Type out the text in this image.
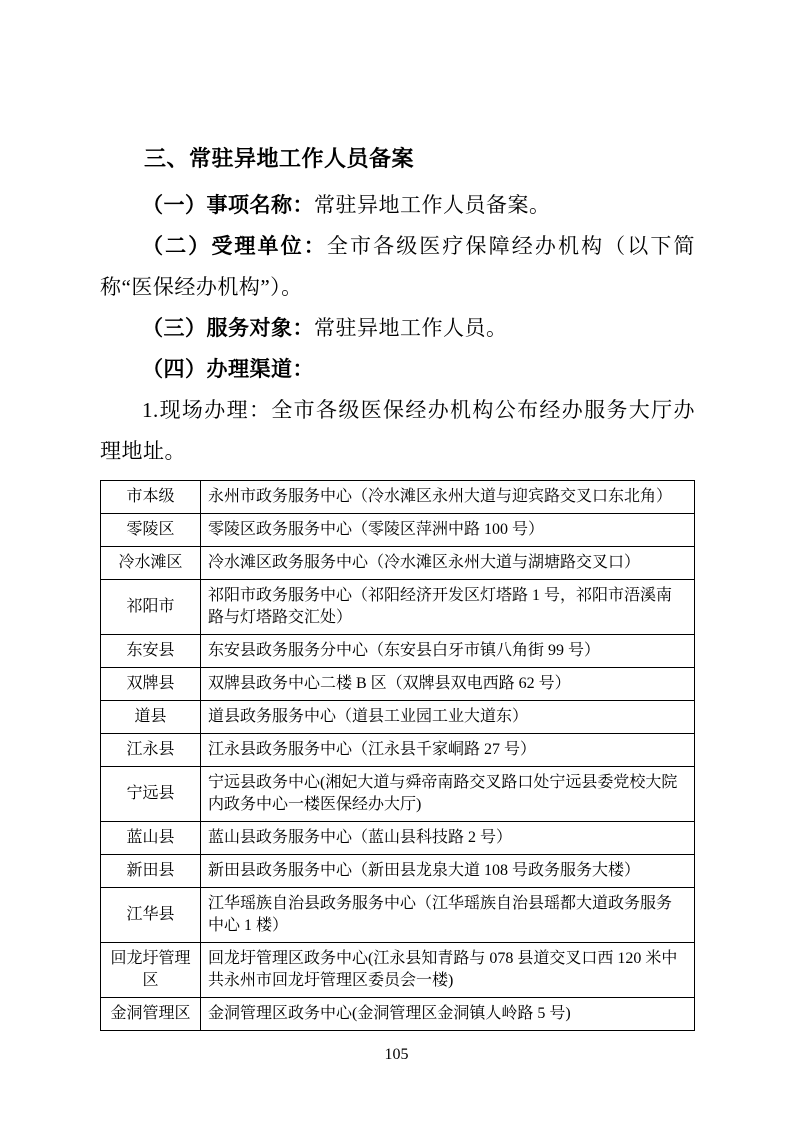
三、常驻异地工作人员备案

（一）事项名称：常驻异地工作人员备案。

（二）受理单位：全市各级医疗保障经办机构（以下简称“医保经办机构”）。

（三）服务对象：常驻异地工作人员。

（四）办理渠道：

1.现场办理：全市各级医保经办机构公布经办服务大厅办理地址。

市本级	永州市政务服务中心（冷水滩区永州大道与迎宾路交叉口东北角）
零陵区	零陵区政务服务中心（零陵区萍洲中路 100 号）
冷水滩区	冷水滩区政务服务中心（冷水滩区永州大道与湖塘路交叉口）
祁阳市	祁阳市政务服务中心（祁阳经济开发区灯塔路 1 号，祁阳市浯溪南路与灯塔路交汇处）
东安县	东安县政务服务分中心（东安县白牙市镇八角街 99 号）
双牌县	双牌县政务中心二楼 B 区（双牌县双电西路 62 号）
道县	道县政务服务中心（道县工业园工业大道东）
江永县	江永县政务服务中心（江永县千家峒路 27 号）
宁远县	宁远县政务中心(湘妃大道与舜帝南路交叉路口处宁远县委党校大院内政务中心一楼医保经办大厅)
蓝山县	蓝山县政务服务中心（蓝山县科技路 2 号）
新田县	新田县政务服务中心（新田县龙泉大道 108 号政务服务大楼）
江华县	江华瑶族自治县政务服务中心（江华瑶族自治县瑶都大道政务服务中心 1 楼）
回龙圩管理区	回龙圩管理区政务中心(江永县知青路与 078 县道交叉口西 120 米中共永州市回龙圩管理区委员会一楼)
金洞管理区	金洞管理区政务中心(金洞管理区金洞镇人岭路 5 号)
105
